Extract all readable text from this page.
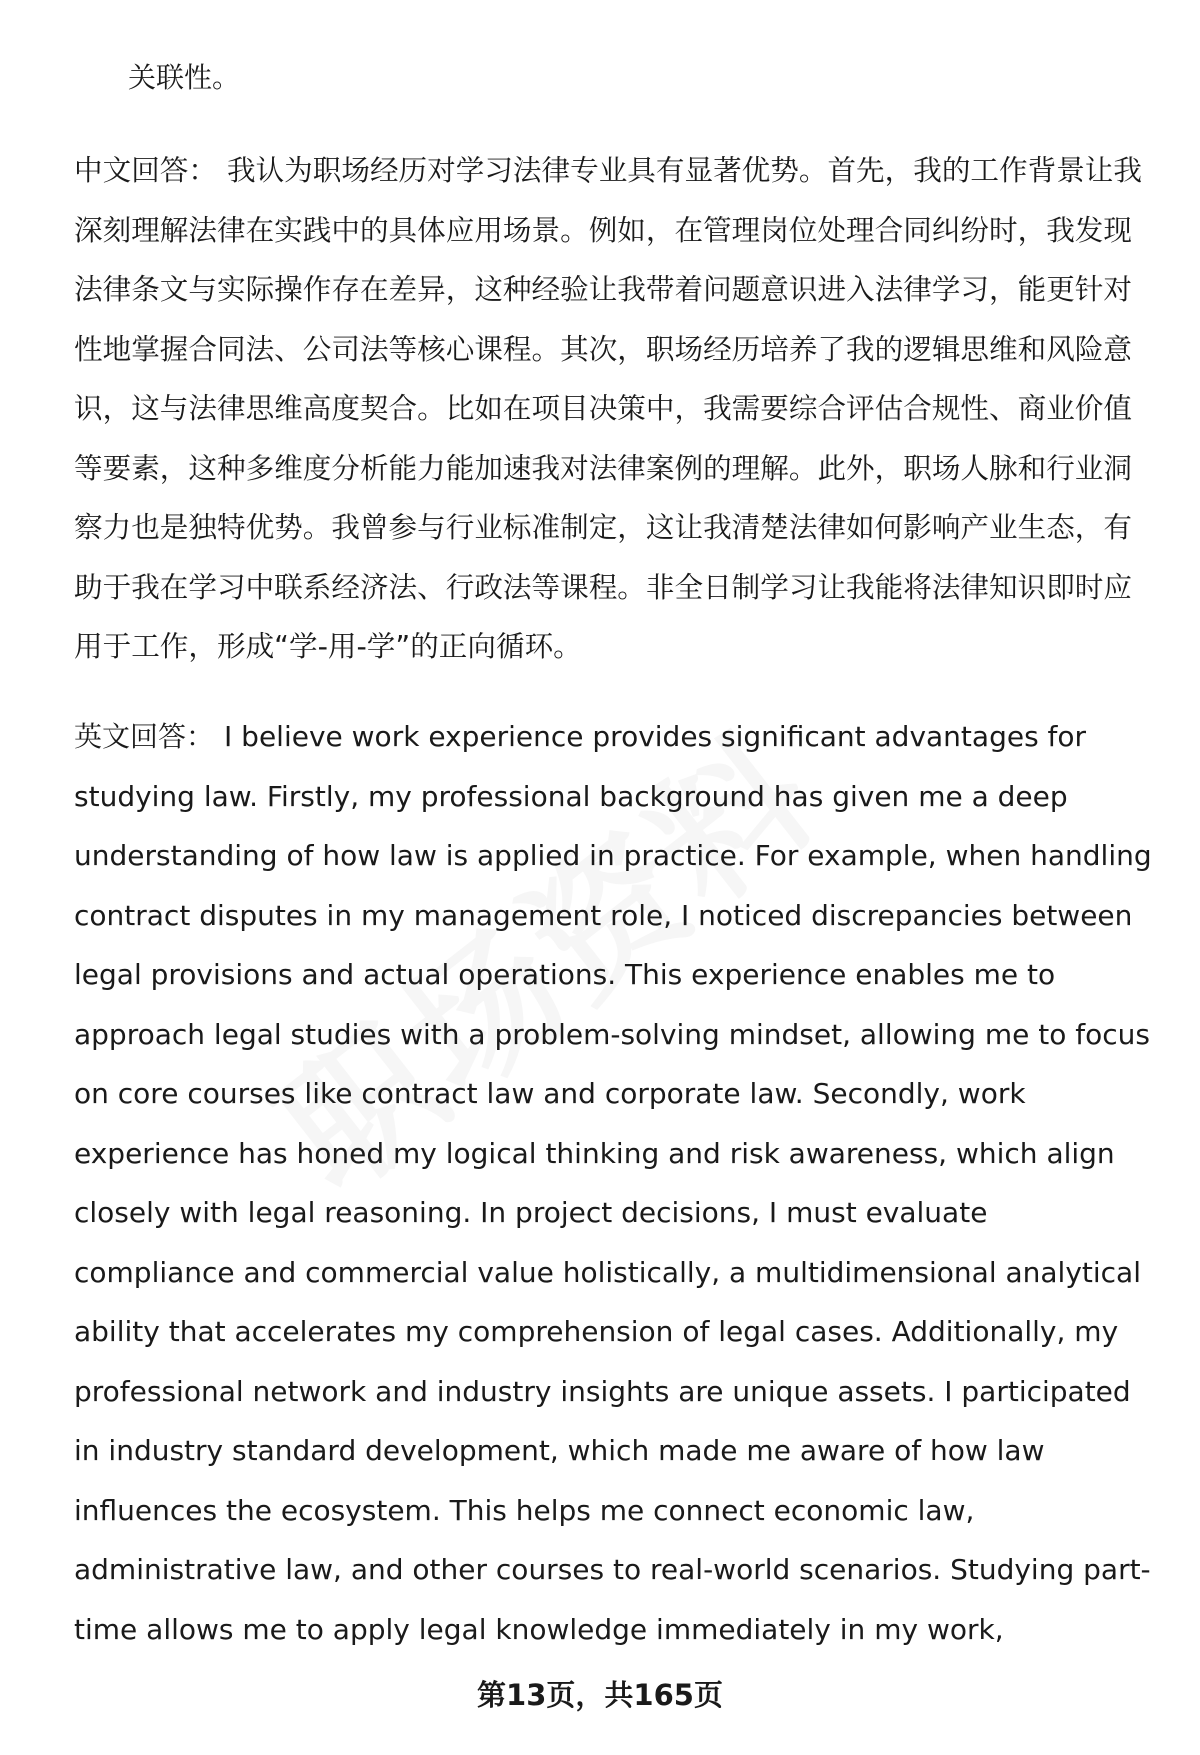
关联性。

中文回答： 我认为职场经历对学习法律专业具有显著优势。首先，我的工作背景让我深刻理解法律在实践中的具体应用场景。例如，在管理岗位处理合同纠纷时，我发现法律条文与实际操作存在差异，这种经验让我带着问题意识进入法律学习，能更针对性地掌握合同法、公司法等核心课程。其次，职场经历培养了我的逻辑思维和风险意识，这与法律思维高度契合。比如在项目决策中，我需要综合评估合规性、商业价值等要素，这种多维度分析能力能加速我对法律案例的理解。此外，职场人脉和行业洞察力也是独特优势。我曾参与行业标准制定，这让我清楚法律如何影响产业生态，有助于我在学习中联系经济法、行政法等课程。非全日制学习让我能将法律知识即时应用于工作，形成“学-用-学”的正向循环。

英文回答： I believe work experience provides significant advantages for studying law. Firstly, my professional background has given me a deep understanding of how law is applied in practice. For example, when handling contract disputes in my management role, I noticed discrepancies between legal provisions and actual operations. This experience enables me to approach legal studies with a problem-solving mindset, allowing me to focus on core courses like contract law and corporate law. Secondly, work experience has honed my logical thinking and risk awareness, which align closely with legal reasoning. In project decisions, I must evaluate compliance and commercial value holistically, a multidimensional analytical ability that accelerates my comprehension of legal cases. Additionally, my professional network and industry insights are unique assets. I participated in industry standard development, which made me aware of how law influences the ecosystem. This helps me connect economic law, administrative law, and other courses to real-world scenarios. Studying part-time allows me to apply legal knowledge immediately in my work,

第13页，共165页
